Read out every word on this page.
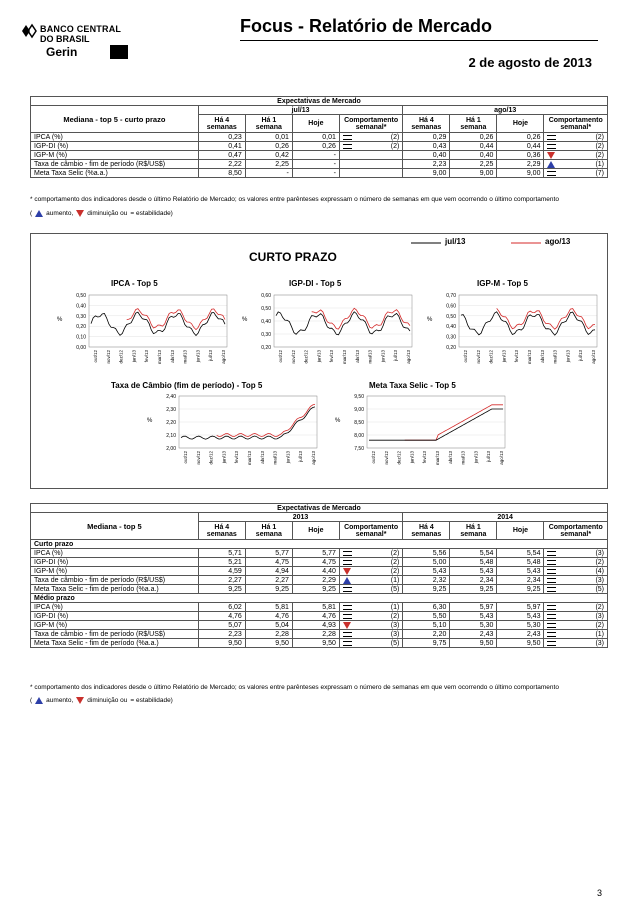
BANCO CENTRAL
DO BRASIL
Gerin
Focus - Relatório de Mercado
2 de agosto de 2013
Expectativas de Mercado								
Mediana - top 5 - curto prazo	jul/13				ago/13			
	Há 4 semanas	Há 1 semana	Hoje	Comportamento semanal*	Há 4 semanas	Há 1 semana	Hoje	Comportamento semanal*
IPCA (%)	0,23	0,01	0,01	(2)	0,29	0,26	0,26	(2)

IGP-DI (%)	0,41	0,26	0,26	(2)	0,43	0,44	0,44	(2)

IGP-M (%)	0,47	0,42	-		0,40	0,40	0,36	(2)

Taxa de câmbio - fim de período (R$/US$)	2,22	2,25	-		2,23	2,25	2,29	(1)

Meta Taxa Selic (%a.a.)	8,50	-	-		9,00	9,00	9,00	(7)
* comportamento dos indicadores desde o último Relatório de Mercado; os valores entre parênteses expressam o número de semanas em que vem ocorrendo o último comportamento
( aumento, diminuição ou = estabilidade)
CURTO PRAZO
jul/13	ago/13
IPCA - Top 5	IGP-DI - Top 5	IGP-M - Top 5
Taxa de Câmbio (fim de período) - Top 5	Meta Taxa Selic - Top 5
%
0,50
0,40
0,30
0,20
0,10
0,00
out/12 nov/12 dez/12 jan/13 fev/13 mar/13 abr/13 mai/13 jun/13 jul/13 ago/13
%
0,60
0,50
0,40
0,30
0,20
out/12 nov/12 dez/12 jan/13 fev/13 mar/13 abr/13 mai/13 jun/13 jul/13 ago/13
%
0,70
0,60
0,50
0,40
0,30
0,20
out/12 nov/12 dez/12 jan/13 fev/13 mar/13 abr/13 mai/13 jun/13 jul/13 ago/13
%
2,40
2,30
2,20
2,10
2,00
out/12 nov/12 dez/12 jan/13 fev/13 mar/13 abr/13 mai/13 jun/13 jul/13 ago/13
%
9,50
9,00
8,50
8,00
7,50
out/12 nov/12 dez/12 jan/13 fev/13 mar/13 abr/13 mai/13 jun/13 jul/13 ago/13
Expectativas de Mercado								
Mediana - top 5	2013				2014			
	Há 4 semanas	Há 1 semana	Hoje	Comportamento semanal*	Há 4 semanas	Há 1 semana	Hoje	Comportamento semanal*
Curto prazo								
IPCA (%)	5,71	5,77	5,77	(2)	5,56	5,54	5,54	(3)

IGP-DI (%)	5,21	4,75	4,75	(2)	5,00	5,48	5,48	(2)

IGP-M (%)	4,59	4,94	4,40	(2)	5,43	5,43	5,43	(4)

Taxa de câmbio - fim de período (R$/US$)	2,27	2,27	2,29	(1)	2,32	2,34	2,34	(3)

Meta Taxa Selic - fim de período (%a.a.)	9,25	9,25	9,25	(5)	9,25	9,25	9,25	(5)

Médio prazo								
IPCA (%)	6,02	5,81	5,81	(1)	6,30	5,97	5,97	(2)

IGP-DI (%)	4,76	4,76	4,76	(2)	5,50	5,43	5,43	(3)

IGP-M (%)	5,07	5,04	4,93	(3)	5,10	5,30	5,30	(2)

Taxa de câmbio - fim de período (R$/US$)	2,23	2,28	2,28	(3)	2,20	2,43	2,43	(1)

Meta Taxa Selic - fim de período (%a.a.)	9,50	9,50	9,50	(5)	9,75	9,50	9,50	(3)
* comportamento dos indicadores desde o último Relatório de Mercado; os valores entre parênteses expressam o número de semanas em que vem ocorrendo o último comportamento
( aumento, diminuição ou = estabilidade)
3
